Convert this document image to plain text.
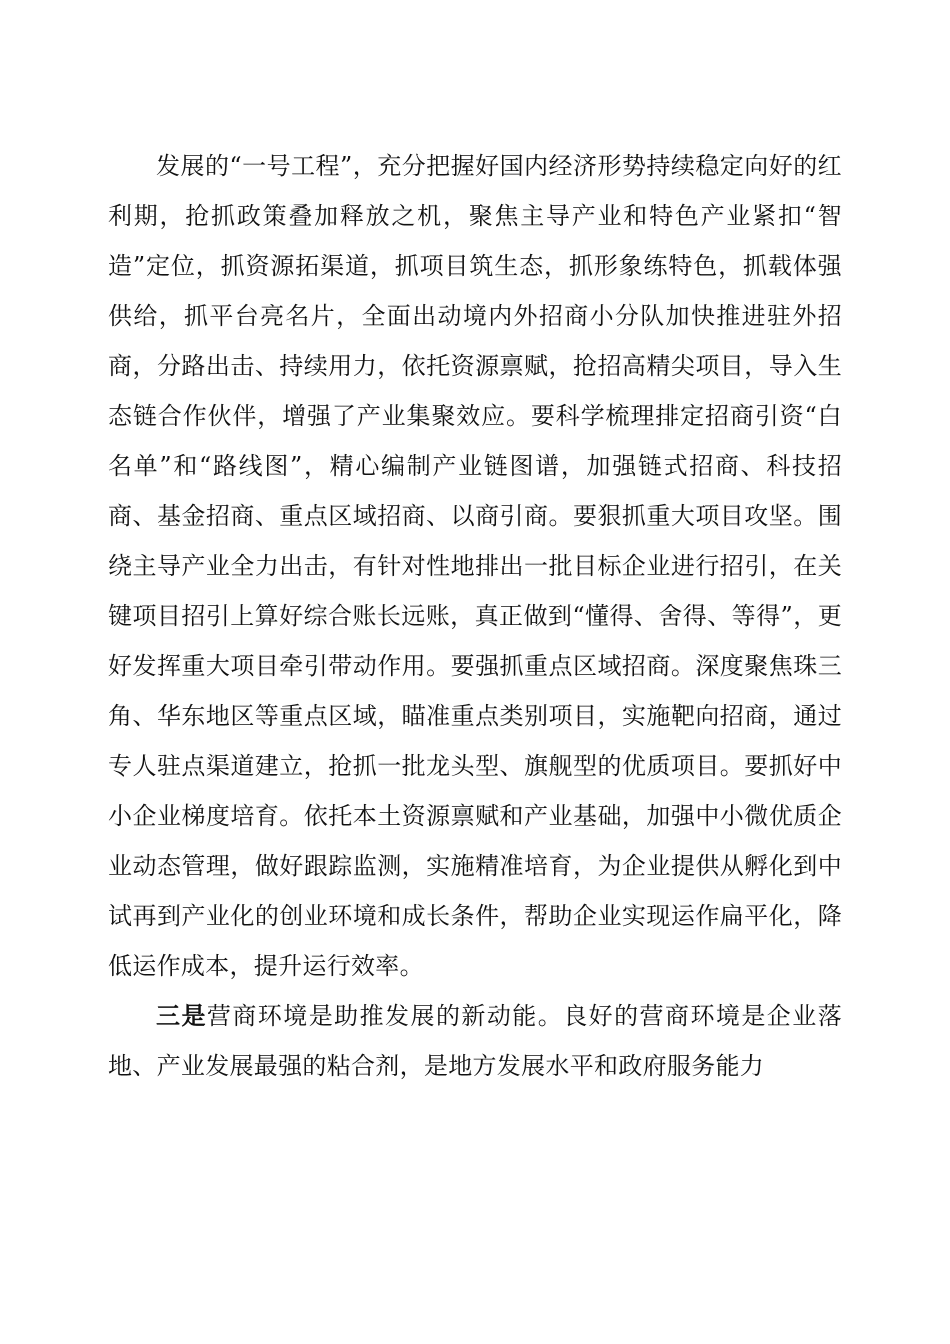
发展的“一号工程”，充分把握好国内经济形势持续稳定向好的红利期，抢抓政策叠加释放之机，聚焦主导产业和特色产业紧扣“智造”定位，抓资源拓渠道，抓项目筑生态，抓形象练特色，抓载体强供给，抓平台亮名片，全面出动境内外招商小分队加快推进驻外招商，分路出击、持续用力，依托资源禀赋，抢招高精尖项目，导入生态链合作伙伴，增强了产业集聚效应。要科学梳理排定招商引资“白名单”和“路线图”，精心编制产业链图谱，加强链式招商、科技招商、基金招商、重点区域招商、以商引商。要狠抓重大项目攻坚。围绕主导产业全力出击，有针对性地排出一批目标企业进行招引，在关键项目招引上算好综合账长远账，真正做到“懂得、舍得、等得”，更好发挥重大项目牵引带动作用。要强抓重点区域招商。深度聚焦珠三角、华东地区等重点区域，瞄准重点类别项目，实施靶向招商，通过专人驻点渠道建立，抢抓一批龙头型、旗舰型的优质项目。要抓好中小企业梯度培育。依托本土资源禀赋和产业基础，加强中小微优质企业动态管理，做好跟踪监测，实施精准培育，为企业提供从孵化到中试再到产业化的创业环境和成长条件，帮助企业实现运作扁平化，降低运作成本，提升运行效率。

三是营商环境是助推发展的新动能。良好的营商环境是企业落地、产业发展最强的粘合剂，是地方发展水平和政府服务能力
